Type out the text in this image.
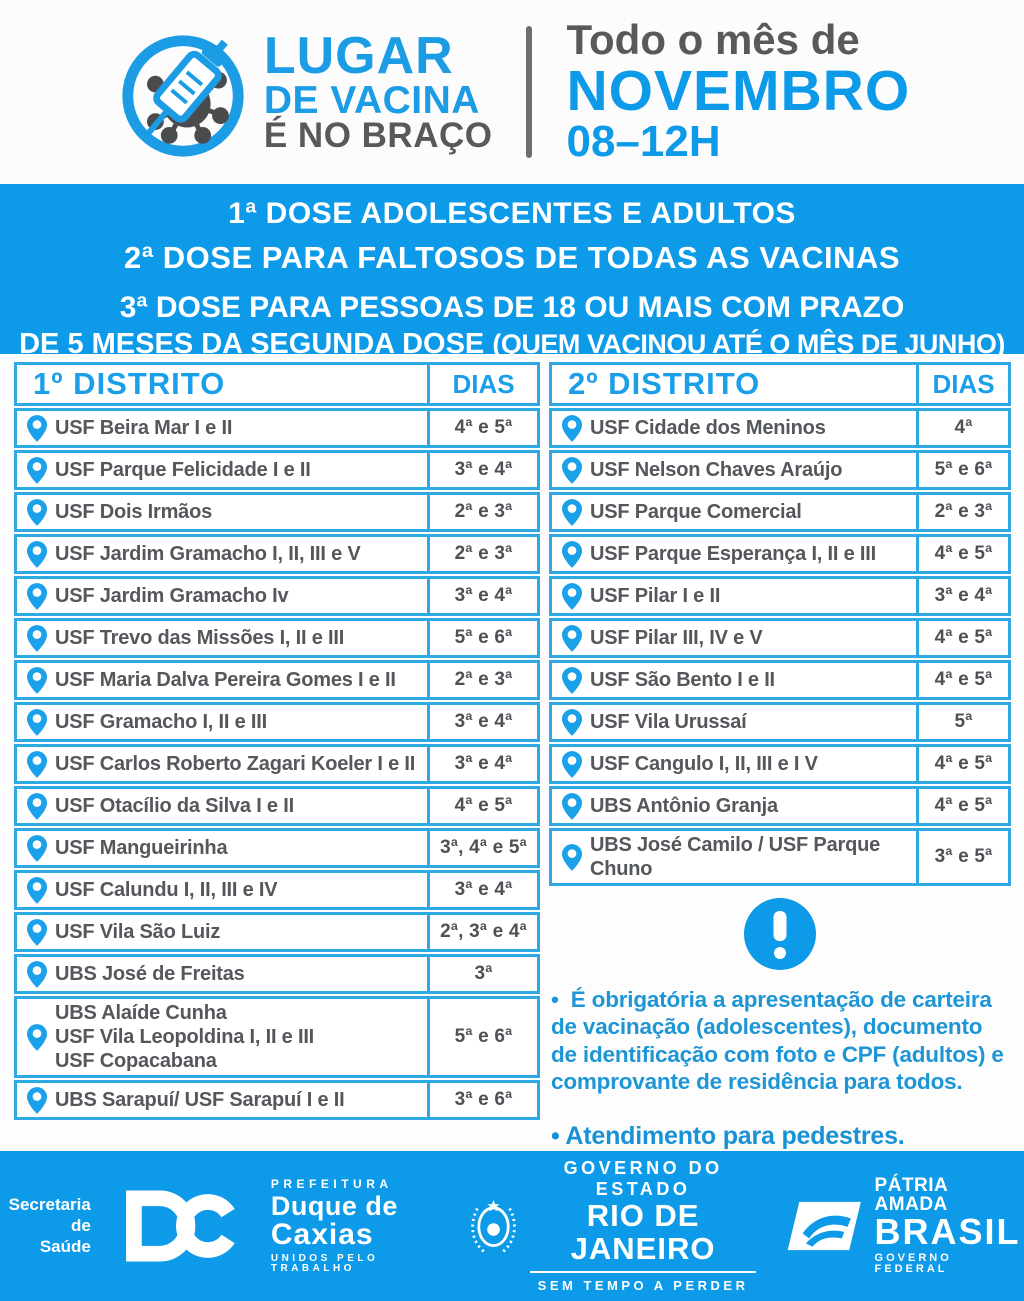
LUGAR
DE VACINA
É NO BRAÇO
Todo o mês de
NOVEMBRO
08–12H
1ª DOSE ADOLESCENTES E ADULTOS
2ª DOSE PARA FALTOSOS DE TODAS AS VACINAS
3ª DOSE PARA PESSOAS DE 18 OU MAIS COM PRAZO
DE 5 MESES DA SEGUNDA DOSE (QUEM VACINOU ATÉ O MÊS DE JUNHO)
1º DISTRITO	DIAS
USF Beira Mar I e II	4ª e 5ª
USF Parque Felicidade I e II	3ª e 4ª
USF Dois Irmãos	2ª e 3ª
USF Jardim Gramacho I, II, III e V	2ª e 3ª
USF Jardim Gramacho Iv	3ª e 4ª
USF Trevo das Missões I, II e III	5ª e 6ª
USF Maria Dalva Pereira Gomes I e II	2ª e 3ª
USF Gramacho I, II e III	3ª e 4ª
USF Carlos Roberto Zagari Koeler I e II	3ª e 4ª
USF Otacílio da Silva I e II	4ª e 5ª
USF Mangueirinha	3ª, 4ª e 5ª
USF Calundu I, II, III e IV	3ª e 4ª
USF Vila São Luiz	2ª, 3ª e 4ª
UBS José de Freitas	3ª
UBS Alaíde Cunha
USF Vila Leopoldina I, II e III
USF Copacabana
5ª e 6ª
UBS Sarapuí/ USF Sarapuí I e II	3ª e 6ª
2º DISTRITO	DIAS
USF Cidade dos Meninos	4ª
USF Nelson Chaves Araújo	5ª e 6ª
USF Parque Comercial	2ª e 3ª
USF Parque Esperança I, II e III	4ª e 5ª
USF Pilar I e II	3ª e 4ª
USF Pilar III, IV e V	4ª e 5ª
USF São Bento I e II	4ª e 5ª
USF Vila Urussaí	5ª
USF Cangulo I, II, III e I V	4ª e 5ª
UBS Antônio Granja	4ª e 5ª
UBS José Camilo / USF Parque Chuno
3ª e 5ª

• É obrigatória a apresentação de carteira de vacinação (adolescentes), documento de identificação com foto e CPF (adultos) e comprovante de residência para todos.

• Atendimento para pedestres.

Secretaria de
Saúde
PREFEITURA
Duque de
Caxias
UNIDOS PELO TRABALHO
GOVERNO DO ESTADO
RIO DE JANEIRO
SEM TEMPO A PERDER
PÁTRIA AMADA
BRASIL
GOVERNO FEDERAL
